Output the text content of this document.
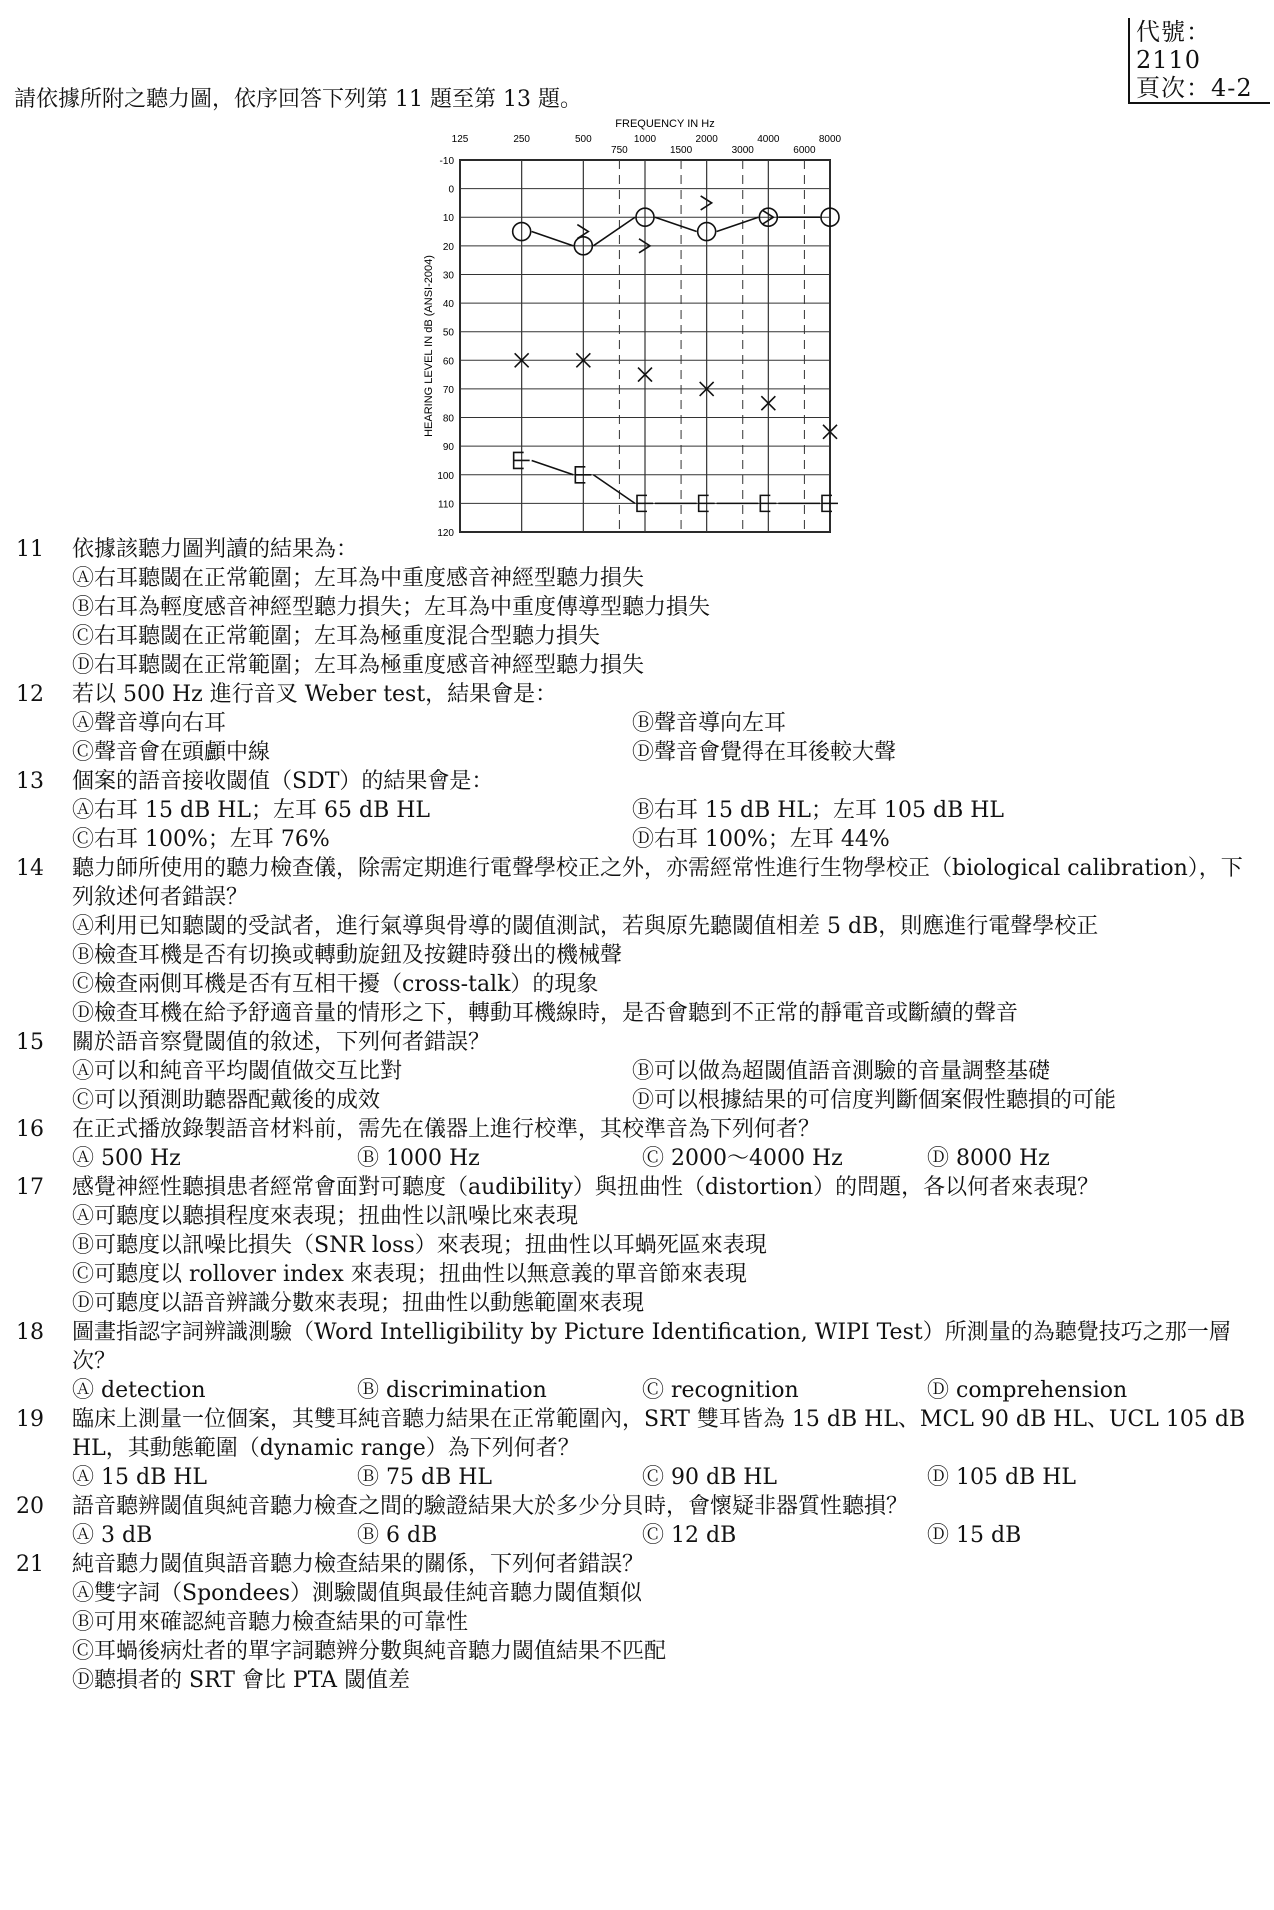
代號：2110
頁次：4-2
請依據所附之聽力圖，依序回答下列第 11 題至第 13 題。
-10
0
10
20
30
40
50
60
70
80
90
100
110
120
125	250	500	1000	2000	4000	8000
750	1500	3000	6000
FREQUENCY IN Hz
HEARING LEVEL IN dB (ANSI-2004)
11	依據該聽力圖判讀的結果為：
Ⓐ右耳聽閾在正常範圍；左耳為中重度感音神經型聽力損失
Ⓑ右耳為輕度感音神經型聽力損失；左耳為中重度傳導型聽力損失
Ⓒ右耳聽閾在正常範圍；左耳為極重度混合型聽力損失
Ⓓ右耳聽閾在正常範圍；左耳為極重度感音神經型聽力損失
12	若以 500 Hz 進行音叉 Weber test，結果會是：
Ⓐ聲音導向右耳	Ⓑ聲音導向左耳
Ⓒ聲音會在頭顱中線	Ⓓ聲音會覺得在耳後較大聲
13	個案的語音接收閾值（SDT）的結果會是：
Ⓐ右耳 15 dB HL；左耳 65 dB HL	Ⓑ右耳 15 dB HL；左耳 105 dB HL
Ⓒ右耳 100%；左耳 76%	Ⓓ右耳 100%；左耳 44%
14	聽力師所使用的聽力檢查儀，除需定期進行電聲學校正之外，亦需經常性進行生物學校正（biological calibration），下列敘述何者錯誤？
Ⓐ利用已知聽閾的受試者，進行氣導與骨導的閾值測試，若與原先聽閾值相差 5 dB，則應進行電聲學校正
Ⓑ檢查耳機是否有切換或轉動旋鈕及按鍵時發出的機械聲
Ⓒ檢查兩側耳機是否有互相干擾（cross-talk）的現象
Ⓓ檢查耳機在給予舒適音量的情形之下，轉動耳機線時，是否會聽到不正常的靜電音或斷續的聲音
15	關於語音察覺閾值的敘述，下列何者錯誤？
Ⓐ可以和純音平均閾值做交互比對	Ⓑ可以做為超閾值語音測驗的音量調整基礎
Ⓒ可以預測助聽器配戴後的成效	Ⓓ可以根據結果的可信度判斷個案假性聽損的可能
16	在正式播放錄製語音材料前，需先在儀器上進行校準，其校準音為下列何者？
Ⓐ 500 Hz	Ⓑ 1000 Hz	Ⓒ 2000～4000 Hz	Ⓓ 8000 Hz
17	感覺神經性聽損患者經常會面對可聽度（audibility）與扭曲性（distortion）的問題，各以何者來表現？
Ⓐ可聽度以聽損程度來表現；扭曲性以訊噪比來表現
Ⓑ可聽度以訊噪比損失（SNR loss）來表現；扭曲性以耳蝸死區來表現
Ⓒ可聽度以 rollover index 來表現；扭曲性以無意義的單音節來表現
Ⓓ可聽度以語音辨識分數來表現；扭曲性以動態範圍來表現
18	圖畫指認字詞辨識測驗（Word Intelligibility by Picture Identification, WIPI Test）所測量的為聽覺技巧之那一層次？
Ⓐ detection	Ⓑ discrimination	Ⓒ recognition	Ⓓ comprehension
19	臨床上測量一位個案，其雙耳純音聽力結果在正常範圍內，SRT 雙耳皆為 15 dB HL、MCL 90 dB HL、UCL 105 dB HL，其動態範圍（dynamic range）為下列何者？
Ⓐ 15 dB HL	Ⓑ 75 dB HL	Ⓒ 90 dB HL	Ⓓ 105 dB HL
20	語音聽辨閾值與純音聽力檢查之間的驗證結果大於多少分貝時，會懷疑非器質性聽損？
Ⓐ 3 dB	Ⓑ 6 dB	Ⓒ 12 dB	Ⓓ 15 dB
21	純音聽力閾值與語音聽力檢查結果的關係，下列何者錯誤？
Ⓐ雙字詞（Spondees）測驗閾值與最佳純音聽力閾值類似
Ⓑ可用來確認純音聽力檢查結果的可靠性
Ⓒ耳蝸後病灶者的單字詞聽辨分數與純音聽力閾值結果不匹配
Ⓓ聽損者的 SRT 會比 PTA 閾值差
